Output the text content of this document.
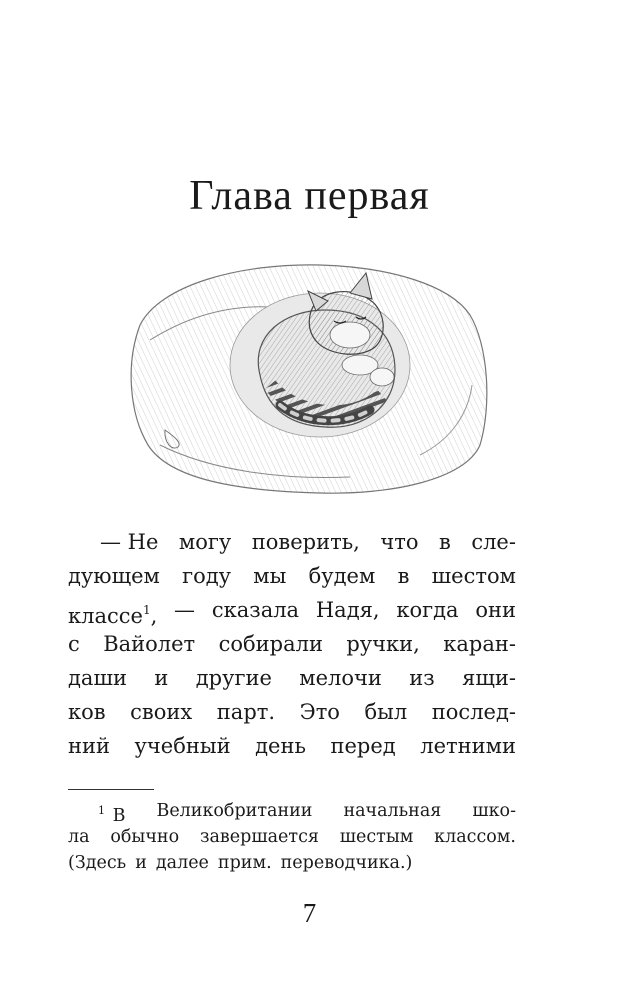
Глава первая
— Не могу поверить, что в сле-
дующем году мы будем в шестом
классе$^1$, — сказала Надя, когда они
с Вайолет собирали ручки, каран-
даши и другие мелочи из ящи-
ков своих парт. Это был послед-
ний учебный день перед летними
$^1$ В Великобритании начальная шко-
ла обычно завершается шестым классом.
(Здесь и далее прим. переводчика.)
7
